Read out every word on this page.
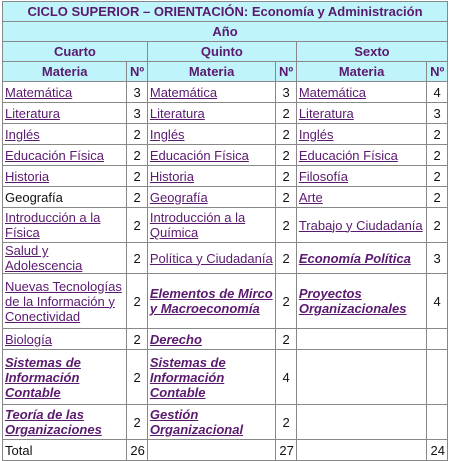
CICLO SUPERIOR – ORIENTACIÓN: Economía y Administración					
Año					
Cuarto		Quinto		Sexto	
Materia	Nº	Materia	Nº	Materia	Nº
Matemática	3	Matemática	3	Matemática	4
Literatura	3	Literatura	2	Literatura	3
Inglés	2	Inglés	2	Inglés	2
Educación Física	2	Educación Física	2	Educación Física	2
Historia	2	Historia	2	Filosofía	2
Geografía	2	Geografía	2	Arte	2
Introducción a la Física	2	Introducción a la Química	2	Trabajo y Ciudadanía	2
Salud y Adolescencia	2	Política y Ciudadanía	2	Economía Política	3
Nuevas Tecnologías de la Información y Conectividad	2	Elementos de Mirco y Macroeconomía	2	Proyectos Organizacionales	4
Biología	2	Derecho	2		
Sistemas de Información Contable	2	Sistemas de Información Contable	4		
Teoría de las Organizaciones	2	Gestión Organizacional	2		
Total	26		27		24
